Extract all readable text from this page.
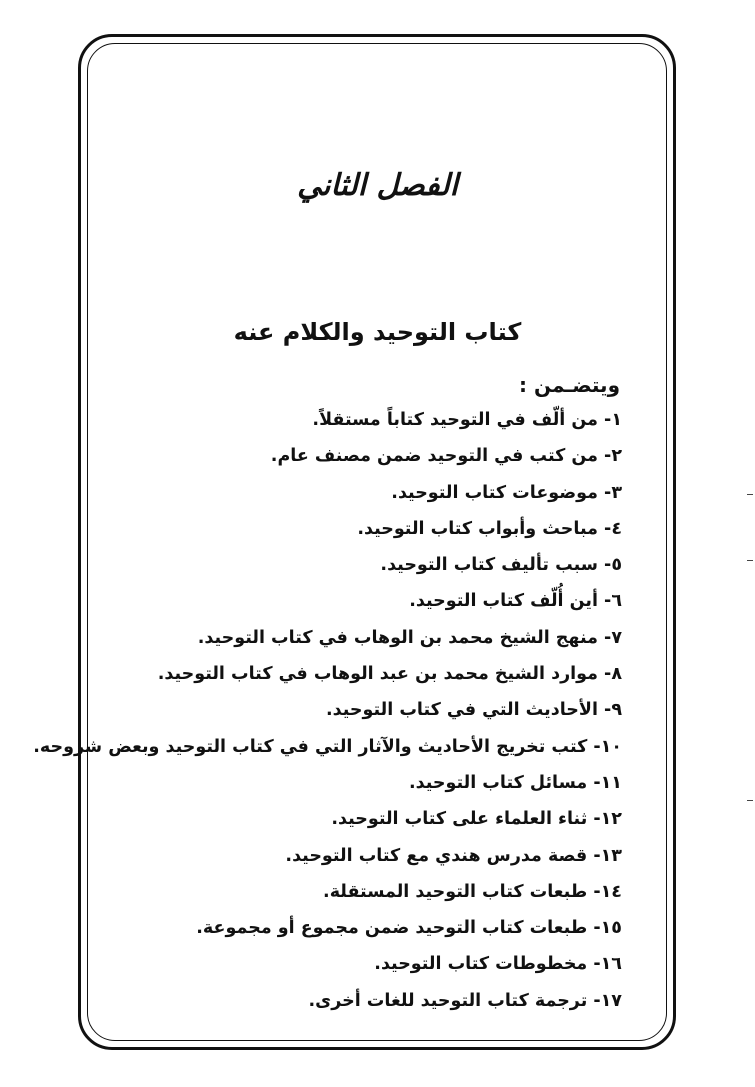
الفصل الثاني
كتاب التوحيد والكلام عنه
ويتضـمن :
١- من ألّف في التوحيد كتاباً مستقلاً.
٢- من كتب في التوحيد ضمن مصنف عام.
٣- موضوعات كتاب التوحيد.
٤- مباحث وأبواب كتاب التوحيد.
٥- سبب تأليف كتاب التوحيد.
٦- أين أُلّف كتاب التوحيد.
٧- منهج الشيخ محمد بن الوهاب في كتاب التوحيد.
٨- موارد الشيخ محمد بن عبد الوهاب في كتاب التوحيد.
٩- الأحاديث التي في كتاب التوحيد.
١٠- كتب تخريج الأحاديث والآثار التي في كتاب التوحيد وبعض شروحه.
١١- مسائل كتاب التوحيد.
١٢- ثناء العلماء على كتاب التوحيد.
١٣- قصة مدرس هندي مع كتاب التوحيد.
١٤- طبعات كتاب التوحيد المستقلة.
١٥- طبعات كتاب التوحيد ضمن مجموع أو مجموعة.
١٦- مخطوطات كتاب التوحيد.
١٧- ترجمة كتاب التوحيد للغات أخرى.
